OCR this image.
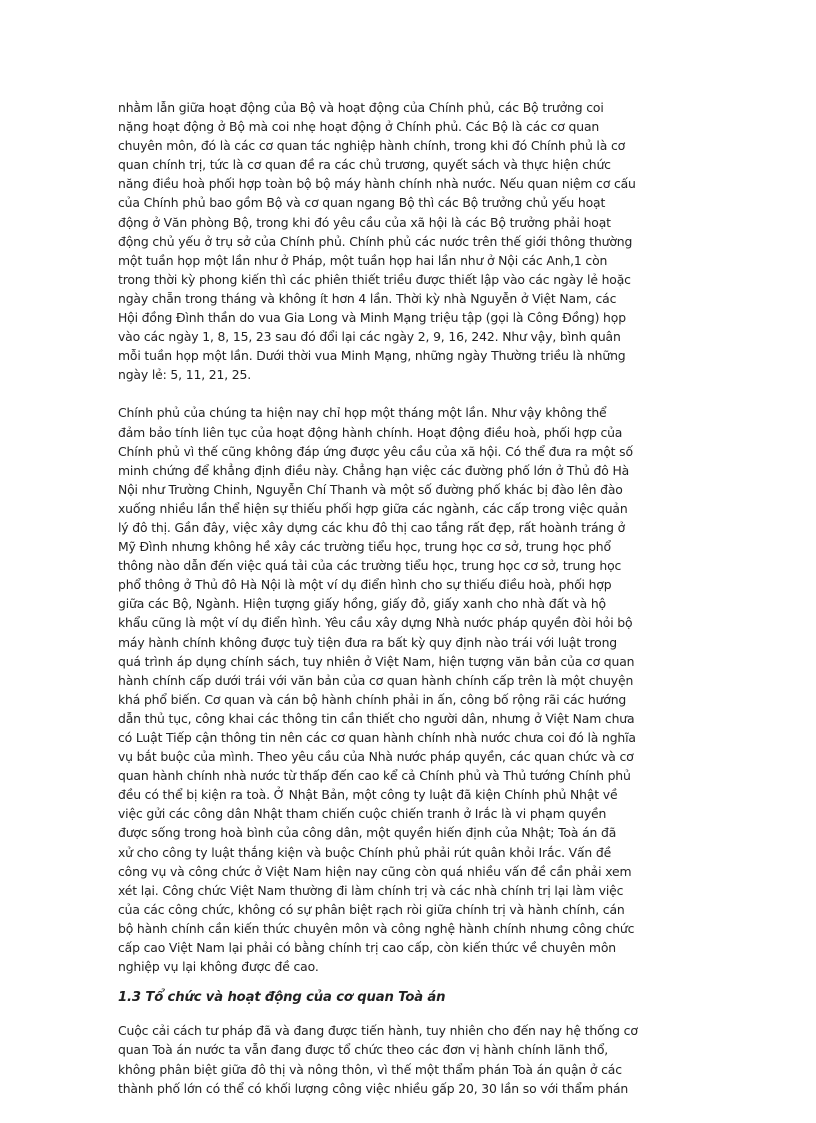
nhằm lẫn giữa hoạt động của Bộ và hoạt động của Chính phủ, các Bộ trưởng coi
nặng hoạt động ở Bộ mà coi nhẹ hoạt động ở Chính phủ. Các Bộ là các cơ quan
chuyên môn, đó là các cơ quan tác nghiệp hành chính, trong khi đó Chính phủ là cơ
quan chính trị, tức là cơ quan đề ra các chủ trương, quyết sách và thực hiện chức
năng điều hoà phối hợp toàn bộ bộ máy hành chính nhà nước. Nếu quan niệm cơ cấu
của Chính phủ bao gồm Bộ và cơ quan ngang Bộ thì các Bộ trưởng chủ yếu hoạt
động ở Văn phòng Bộ, trong khi đó yêu cầu của xã hội là các Bộ trưởng phải hoạt
động chủ yếu ở trụ sở của Chính phủ. Chính phủ các nước trên thế giới thông thường
một tuần họp một lần như ở Pháp, một tuần họp hai lần như ở Nội các Anh,1 còn
trong thời kỳ phong kiến thì các phiên thiết triều được thiết lập vào các ngày lẻ hoặc
ngày chẵn trong tháng và không ít hơn 4 lần. Thời kỳ nhà Nguyễn ở Việt Nam, các
Hội đồng Đình thần do vua Gia Long và Minh Mạng triệu tập (gọi là Công Đồng) họp
vào các ngày 1, 8, 15, 23 sau đó đổi lại các ngày 2, 9, 16, 242. Như vậy, bình quân
mỗi tuần họp một lần. Dưới thời vua Minh Mạng, những ngày Thường triều là những
ngày lẻ: 5, 11, 21, 25.

Chính phủ của chúng ta hiện nay chỉ họp một tháng một lần. Như vậy không thể
đảm bảo tính liên tục của hoạt động hành chính. Hoạt động điều hoà, phối hợp của
Chính phủ vì thế cũng không đáp ứng được yêu cầu của xã hội. Có thể đưa ra một số
minh chứng để khẳng định điều này. Chẳng hạn việc các đường phố lớn ở Thủ đô Hà
Nội như Trường Chinh, Nguyễn Chí Thanh và một số đường phố khác bị đào lên đào
xuống nhiều lần thể hiện sự thiếu phối hợp giữa các ngành, các cấp trong việc quản
lý đô thị. Gần đây, việc xây dựng các khu đô thị cao tầng rất đẹp, rất hoành tráng ở
Mỹ Đình nhưng không hề xây các trường tiểu học, trung học cơ sở, trung học phổ
thông nào dẫn đến việc quá tải của các trường tiểu học, trung học cơ sở, trung học
phổ thông ở Thủ đô Hà Nội là một ví dụ điển hình cho sự thiếu điều hoà, phối hợp
giữa các Bộ, Ngành. Hiện tượng giấy hồng, giấy đỏ, giấy xanh cho nhà đất và hộ
khẩu cũng là một ví dụ điển hình. Yêu cầu xây dựng Nhà nước pháp quyền đòi hỏi bộ
máy hành chính không được tuỳ tiện đưa ra bất kỳ quy định nào trái với luật trong
quá trình áp dụng chính sách, tuy nhiên ở Việt Nam, hiện tượng văn bản của cơ quan
hành chính cấp dưới trái với văn bản của cơ quan hành chính cấp trên là một chuyện
khá phổ biến. Cơ quan và cán bộ hành chính phải in ấn, công bố rộng rãi các hướng
dẫn thủ tục, công khai các thông tin cần thiết cho người dân, nhưng ở Việt Nam chưa
có Luật Tiếp cận thông tin nên các cơ quan hành chính nhà nước chưa coi đó là nghĩa
vụ bắt buộc của mình. Theo yêu cầu của Nhà nước pháp quyền, các quan chức và cơ
quan hành chính nhà nước từ thấp đến cao kể cả Chính phủ và Thủ tướng Chính phủ
đều có thể bị kiện ra toà. Ở Nhật Bản, một công ty luật đã kiện Chính phủ Nhật về
việc gửi các công dân Nhật tham chiến cuộc chiến tranh ở Irắc là vi phạm quyền
được sống trong hoà bình của công dân, một quyền hiến định của Nhật; Toà án đã
xử cho công ty luật thắng kiện và buộc Chính phủ phải rút quân khỏi Irắc. Vấn đề
công vụ và công chức ở Việt Nam hiện nay cũng còn quá nhiều vấn đề cần phải xem
xét lại. Công chức Việt Nam thường đi làm chính trị và các nhà chính trị lại làm việc
của các công chức, không có sự phân biệt rạch ròi giữa chính trị và hành chính, cán
bộ hành chính cần kiến thức chuyên môn và công nghệ hành chính nhưng công chức
cấp cao Việt Nam lại phải có bằng chính trị cao cấp, còn kiến thức về chuyên môn
nghiệp vụ lại không được đề cao.

1.3 Tổ chức và hoạt động của cơ quan Toà án

Cuộc cải cách tư pháp đã và đang được tiến hành, tuy nhiên cho đến nay hệ thống cơ
quan Toà án nước ta vẫn đang được tổ chức theo các đơn vị hành chính lãnh thổ,
không phân biệt giữa đô thị và nông thôn, vì thế một thẩm phán Toà án quận ở các
thành phố lớn có thể có khối lượng công việc nhiều gấp 20, 30 lần so với thẩm phán
